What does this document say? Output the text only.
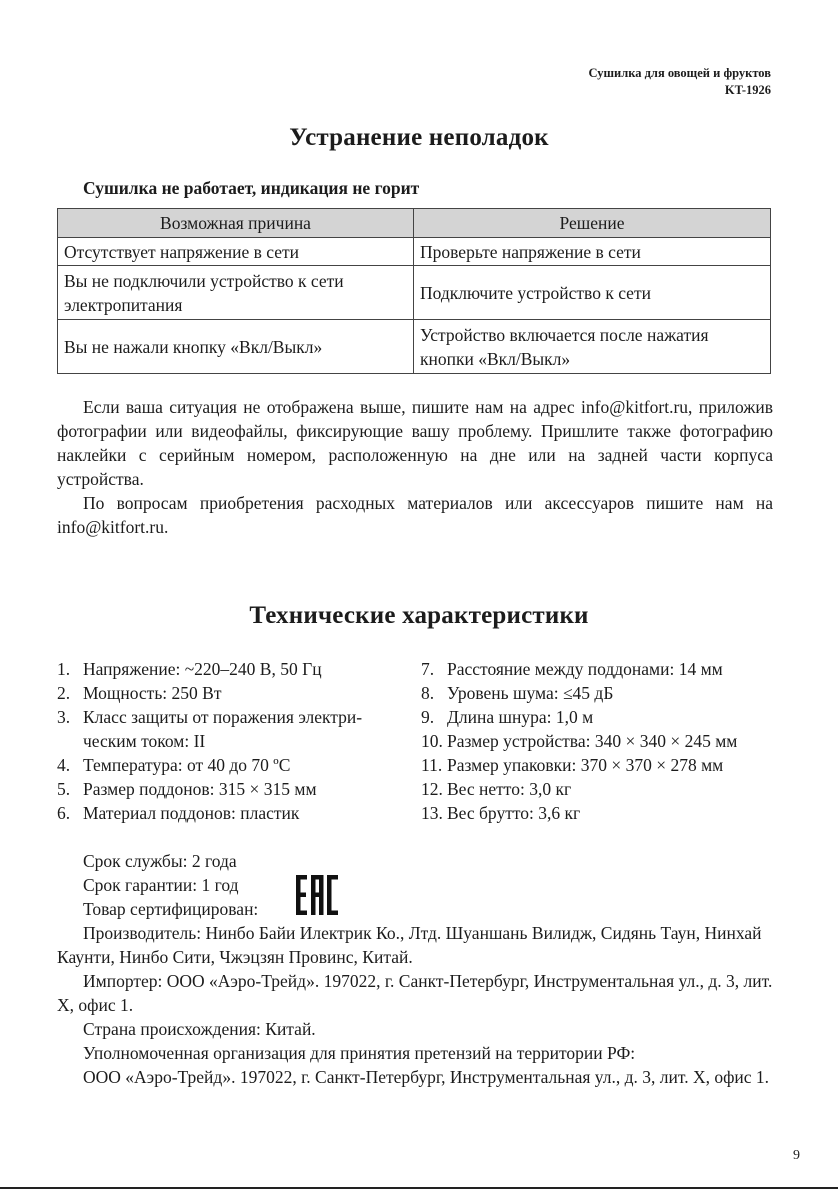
Сушилка для овощей и фруктов
KT-1926
Устранение неполадок
Сушилка не работает, индикация не горит
Возможная причина	Решение
Отсутствует напряжение в сети	Проверьте напряжение в сети
Вы не подключили устройство к сети электропитания	Подключите устройство к сети
Вы не нажали кнопку «Вкл/Выкл»	Устройство включается после нажатия кнопки «Вкл/Выкл»

Если ваша ситуация не отображена выше, пишите нам на адрес info@kitfort.ru, приложив фотографии или видеофайлы, фиксирующие вашу проблему. Пришлите также фотографию наклейки с серийным номером, расположенную на дне или на задней части корпуса устройства.

По вопросам приобретения расходных материалов или аксессуаров пишите нам на info@kitfort.ru.

Технические характеристики
1. Напряжение: ~220–240 В, 50 Гц
2. Мощность: 250 Вт
3. Класс защиты от поражения электри-ческим током: II
4. Температура: от 40 до 70 ºС
5. Размер поддонов: 315 × 315 мм
6. Материал поддонов: пластик
7. Расстояние между поддонами: 14 мм
8. Уровень шума: ≤45 дБ
9. Длина шнура: 1,0 м
10. Размер устройства: 340 × 340 × 245 мм
11. Размер упаковки: 370 × 370 × 278 мм
12. Вес нетто: 3,0 кг
13. Вес брутто: 3,6 кг

Срок службы: 2 года

Срок гарантии: 1 год

Товар сертифицирован:

Производитель: Нинбо Байи Илектрик Ко., Лтд. Шуаншань Вилидж, Сидянь Таун, Нинхай Каунти, Нинбо Сити, Чжэцзян Провинс, Китай.

Импортер: ООО «Аэро-Трейд». 197022, г. Санкт-Петербург, Инструментальная ул., д. 3, лит. Х, офис 1.

Страна происхождения: Китай.

Уполномоченная организация для принятия претензий на территории РФ:

ООО «Аэро-Трейд». 197022, г. Санкт-Петербург, Инструментальная ул., д. 3, лит. Х, офис 1.

9
